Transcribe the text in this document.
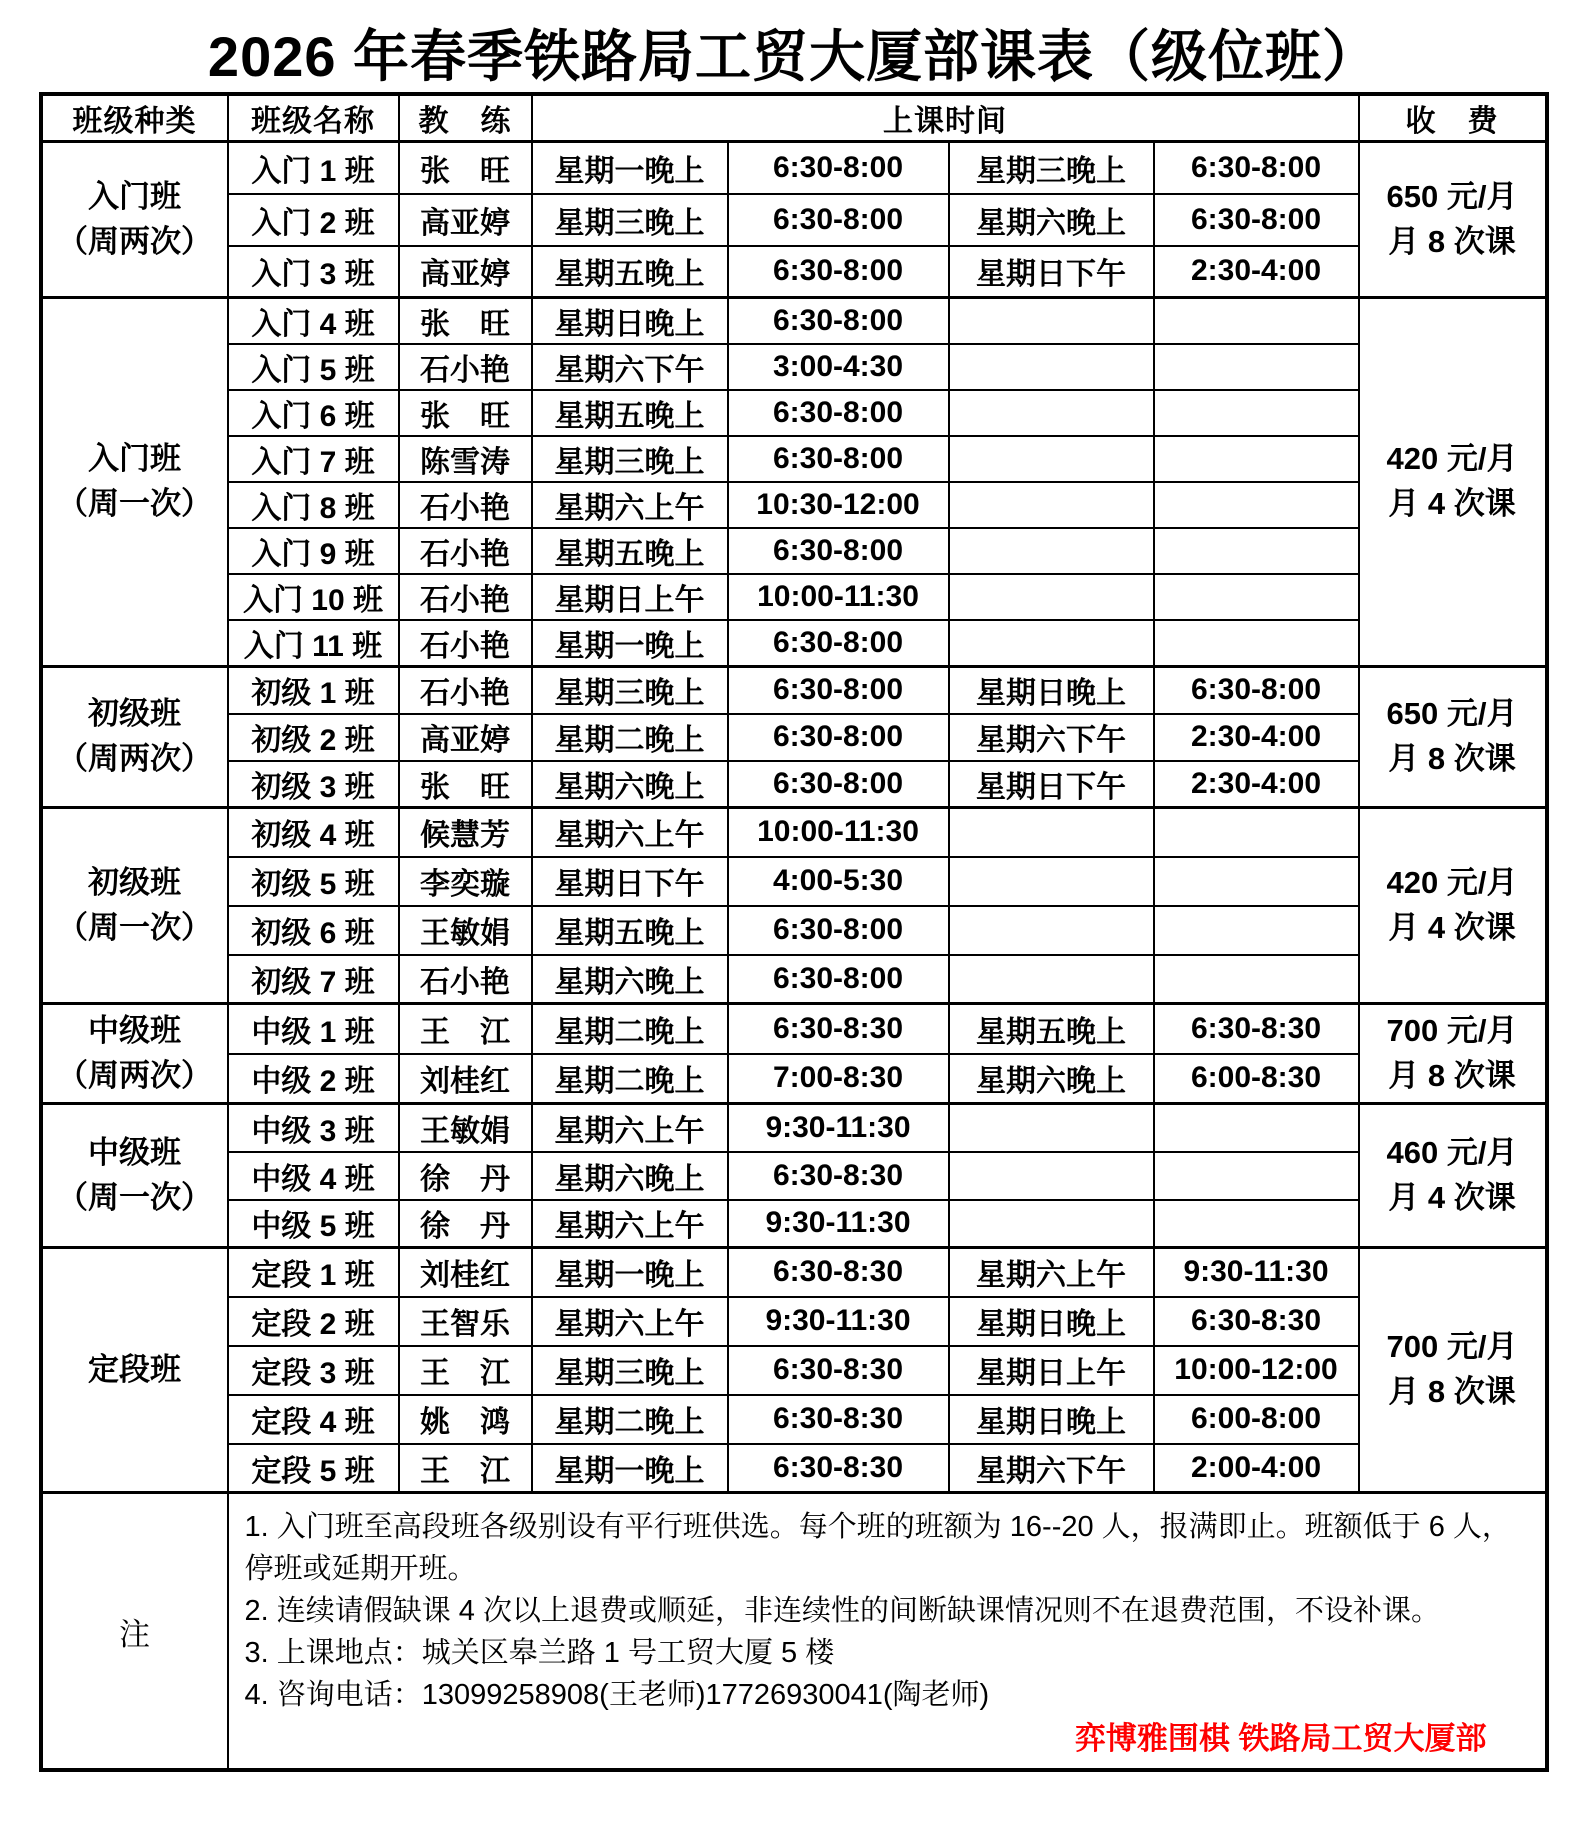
2026 年春季铁路局工贸大厦部课表（级位班）
班级种类	班级名称	教　练	上课时间				收　费

入门班
（周两次）
	入门 1 班	张　旺	星期一晚上	6:30-8:00	星期三晚上	6:30-8:00	
650 元/月
月 8 次课

	入门 2 班	高亚婷	星期三晚上	6:30-8:00	星期六晚上	6:30-8:00	
	入门 3 班	高亚婷	星期五晚上	6:30-8:00	星期日下午	2:30-4:00	

入门班
（周一次）
	入门 4 班	张　旺	星期日晚上	6:30-8:00			
420 元/月
月 4 次课

	入门 5 班	石小艳	星期六下午	3:00-4:30			
	入门 6 班	张　旺	星期五晚上	6:30-8:00			
	入门 7 班	陈雪涛	星期三晚上	6:30-8:00			
	入门 8 班	石小艳	星期六上午	10:30-12:00			
	入门 9 班	石小艳	星期五晚上	6:30-8:00			
	入门 10 班	石小艳	星期日上午	10:00-11:30			
	入门 11 班	石小艳	星期一晚上	6:30-8:00			

初级班
（周两次）
	初级 1 班	石小艳	星期三晚上	6:30-8:00	星期日晚上	6:30-8:00	
650 元/月
月 8 次课

	初级 2 班	高亚婷	星期二晚上	6:30-8:00	星期六下午	2:30-4:00	
	初级 3 班	张　旺	星期六晚上	6:30-8:00	星期日下午	2:30-4:00	

初级班
（周一次）
	初级 4 班	候慧芳	星期六上午	10:00-11:30			
420 元/月
月 4 次课

	初级 5 班	李奕璇	星期日下午	4:00-5:30			
	初级 6 班	王敏娟	星期五晚上	6:30-8:00			
	初级 7 班	石小艳	星期六晚上	6:30-8:00			

中级班
（周两次）
	中级 1 班	王　江	星期二晚上	6:30-8:30	星期五晚上	6:30-8:30	700 元/月
月 8 次课

	中级 2 班	刘桂红	星期二晚上	7:00-8:30	星期六晚上	6:00-8:30	

中级班
（周一次）
	中级 3 班	王敏娟	星期六上午	9:30-11:30			
460 元/月
月 4 次课

	中级 4 班	徐　丹	星期六晚上	6:30-8:30			
	中级 5 班	徐　丹	星期六上午	9:30-11:30			

定段班	定段 1 班	刘桂红	星期一晚上	6:30-8:30	星期六上午	9:30-11:30	700 元/月
月 8 次课

	定段 2 班	王智乐	星期六上午	9:30-11:30	星期日晚上	6:30-8:30	
	定段 3 班	王　江	星期三晚上	6:30-8:30	星期日上午	10:00-12:00	
	定段 4 班	姚　鸿	星期二晚上	6:30-8:30	星期日晚上	6:00-8:00	
	定段 5 班	王　江	星期一晚上	6:30-8:30	星期六下午	2:00-4:00	
注	1. 入门班至高段班各级别设有平行班供选。每个班的班额为 16--20 人，报满即止。班额低于 6 人，停班或延期开班。

2. 连续请假缺课 4 次以上退费或顺延，非连续性的间断缺课情况则不在退费范围，不设补课。

3. 上课地点：城关区皋兰路 1 号工贸大厦 5 楼

4. 咨询电话：13099258908(王老师)17726930041(陶老师)

弈博雅围棋 铁路局工贸大厦部						
